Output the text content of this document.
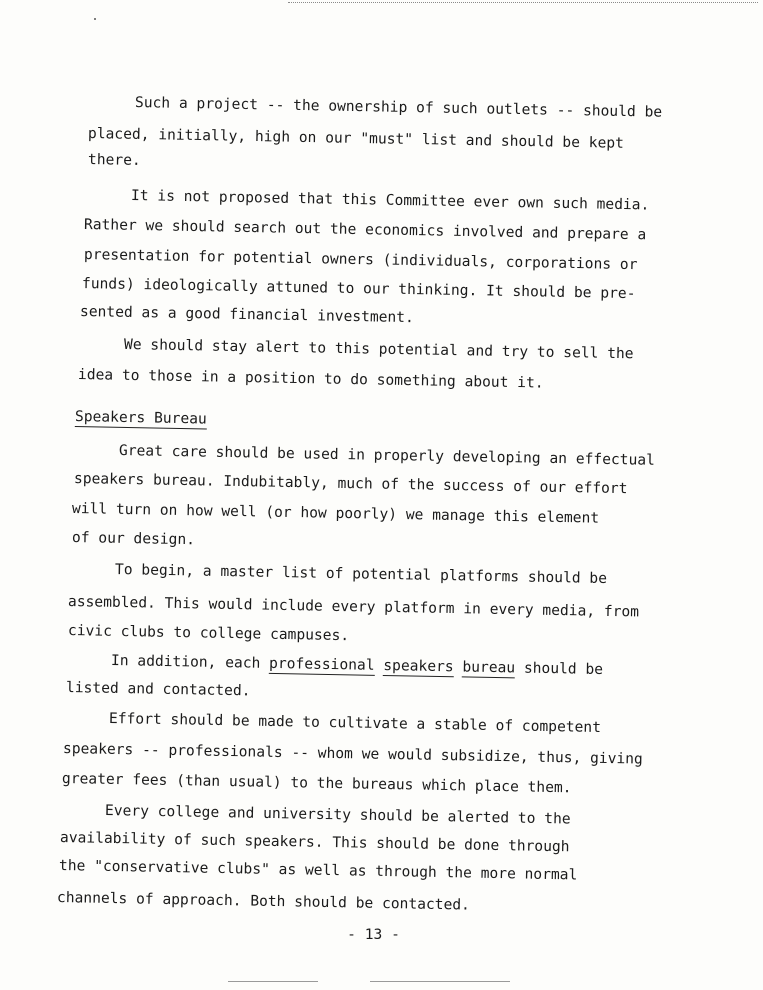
Such a project -- the ownership of such outlets -- should be
placed, initially, high on our "must" list and should be kept
there.
It is not proposed that this Committee ever own such media.
Rather we should search out the economics involved and prepare a
presentation for potential owners (individuals, corporations or
funds) ideologically attuned to our thinking. It should be pre-
sented as a good financial investment.
We should stay alert to this potential and try to sell the
idea to those in a position to do something about it.
Speakers Bureau
Great care should be used in properly developing an effectual
speakers bureau. Indubitably, much of the success of our effort
will turn on how well (or how poorly) we manage this element
of our design.
To begin, a master list of potential platforms should be
assembled. This would include every platform in every media, from
civic clubs to college campuses.
In addition, each professional speakers bureau should be
listed and contacted.
Effort should be made to cultivate a stable of competent
speakers -- professionals -- whom we would subsidize, thus, giving
greater fees (than usual) to the bureaus which place them.
Every college and university should be alerted to the
availability of such speakers. This should be done through
the "conservative clubs" as well as through the more normal
channels of approach. Both should be contacted.
- 13 -
